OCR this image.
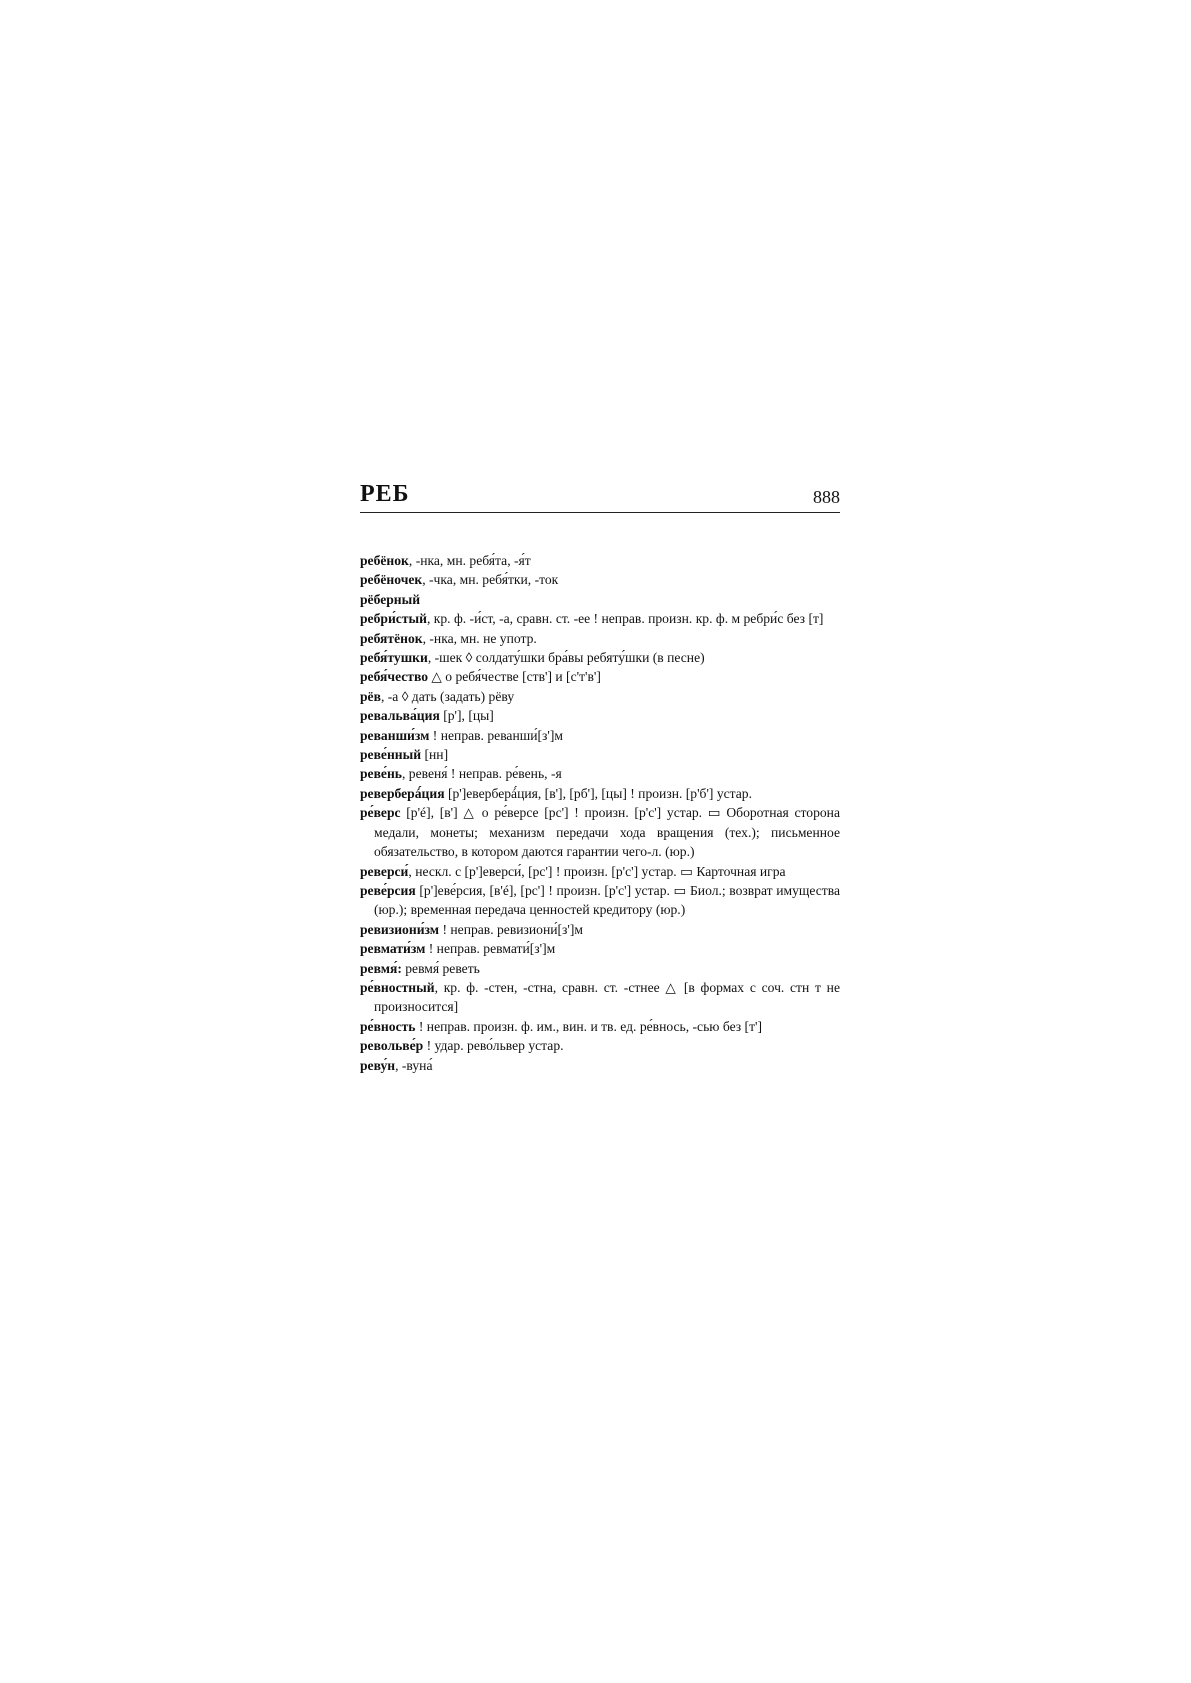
РЕБ	888
ребёнок, -нка, мн. ребя́та, -я́т
ребёночек, -чка, мн. ребя́тки, -ток
рёберный
ребри́стый, кр. ф. -и́ст, -а, сравн. ст. -ее ! неправ. произн. кр. ф. м ребри́с без [т]
ребятёнок, -нка, мн. не употр.
ребя́тушки, -шек ◊ солдату́шки бра́вы ребяту́шки (в песне)
ребя́чество △ о ребя́честве [ств'] и [с'т'в']
рёв, -а ◊ дать (задать) рёву
ревальва́ция [р'], [цы]
реванши́зм ! неправ. реванши́[з']м
реве́нный [нн]
реве́нь, ревеня́ ! неправ. ре́вень, -я
реверберá́ция [р']еверберá́ция, [в'], [рб'], [цы] ! произн. [р'б'] устар.
ре́верс [р'é], [в'] △ о ре́версе [рс'] ! произн. [р'с'] устар. ▭ Оборотная сторона медали, монеты; механизм передачи хода вращения (тех.); письменное обязательство, в котором даются гарантии чего-л. (юр.)
реверси́, нескл. с [р']еверси́, [рс'] ! произн. [р'с'] устар. ▭ Карточная игра
реве́рсия [р']еве́рсия, [в'é], [рс'] ! произн. [р'с'] устар. ▭ Биол.; возврат имущества (юр.); временная передача ценностей кредитору (юр.)
ревизиони́зм ! неправ. ревизиони́[з']м
ревмати́зм ! неправ. ревмати́[з']м
ревмя́: ревмя́ реветь
ре́вностный, кр. ф. -стен, -стна, сравн. ст. -стнее △ [в формах с соч. стн т не произносится]
ре́вность ! неправ. произн. ф. им., вин. и тв. ед. ре́внось, -сью без [т']
револьве́р ! удар. рево́львер устар.
реву́н, -вуна́
